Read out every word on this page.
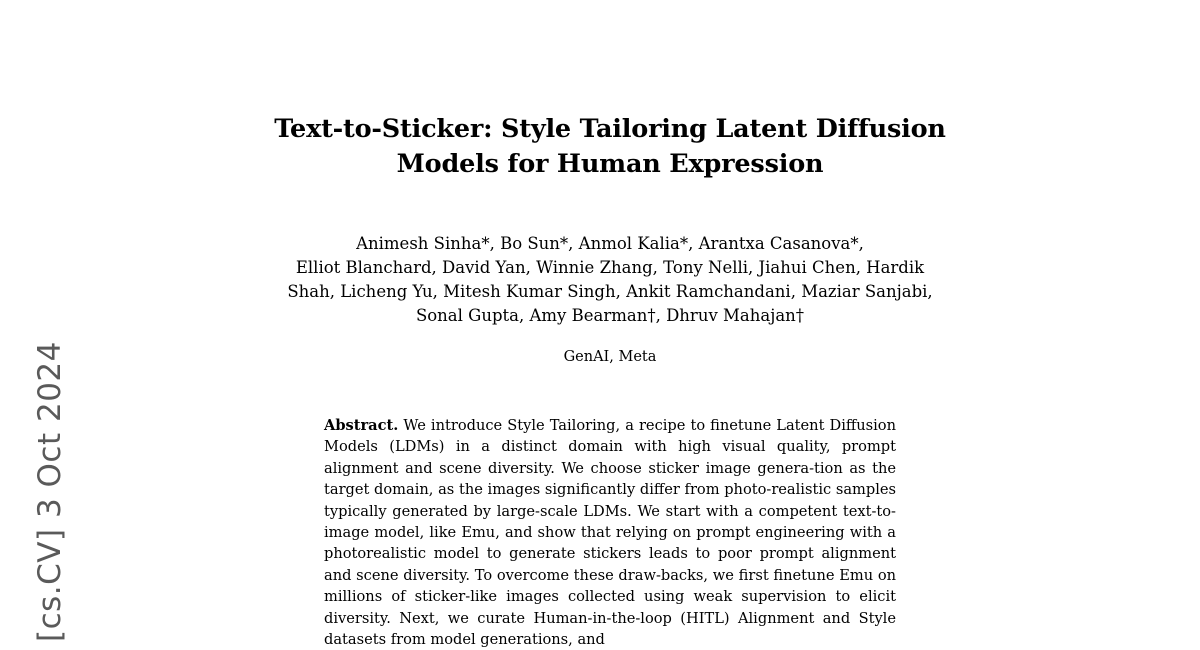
[cs.CV] 3 Oct 2024
Text-to-Sticker: Style Tailoring Latent Diffusion
Models for Human Expression
Animesh Sinha*, Bo Sun*, Anmol Kalia*, Arantxa Casanova*,
Elliot Blanchard, David Yan, Winnie Zhang, Tony Nelli, Jiahui Chen, Hardik
Shah, Licheng Yu, Mitesh Kumar Singh, Ankit Ramchandani, Maziar Sanjabi,
Sonal Gupta, Amy Bearman†, Dhruv Mahajan†
GenAI, Meta
Abstract. We introduce Style Tailoring, a recipe to finetune Latent Diffusion Models (LDMs) in a distinct domain with high visual quality, prompt alignment and scene diversity. We choose sticker image genera-tion as the target domain, as the images significantly differ from photo-realistic samples typically generated by large-scale LDMs. We start with a competent text-to-image model, like Emu, and show that relying on prompt engineering with a photorealistic model to generate stickers leads to poor prompt alignment and scene diversity. To overcome these draw-backs, we first finetune Emu on millions of sticker-like images collected using weak supervision to elicit diversity. Next, we curate Human-in-the-loop (HITL) Alignment and Style datasets from model generations, and
